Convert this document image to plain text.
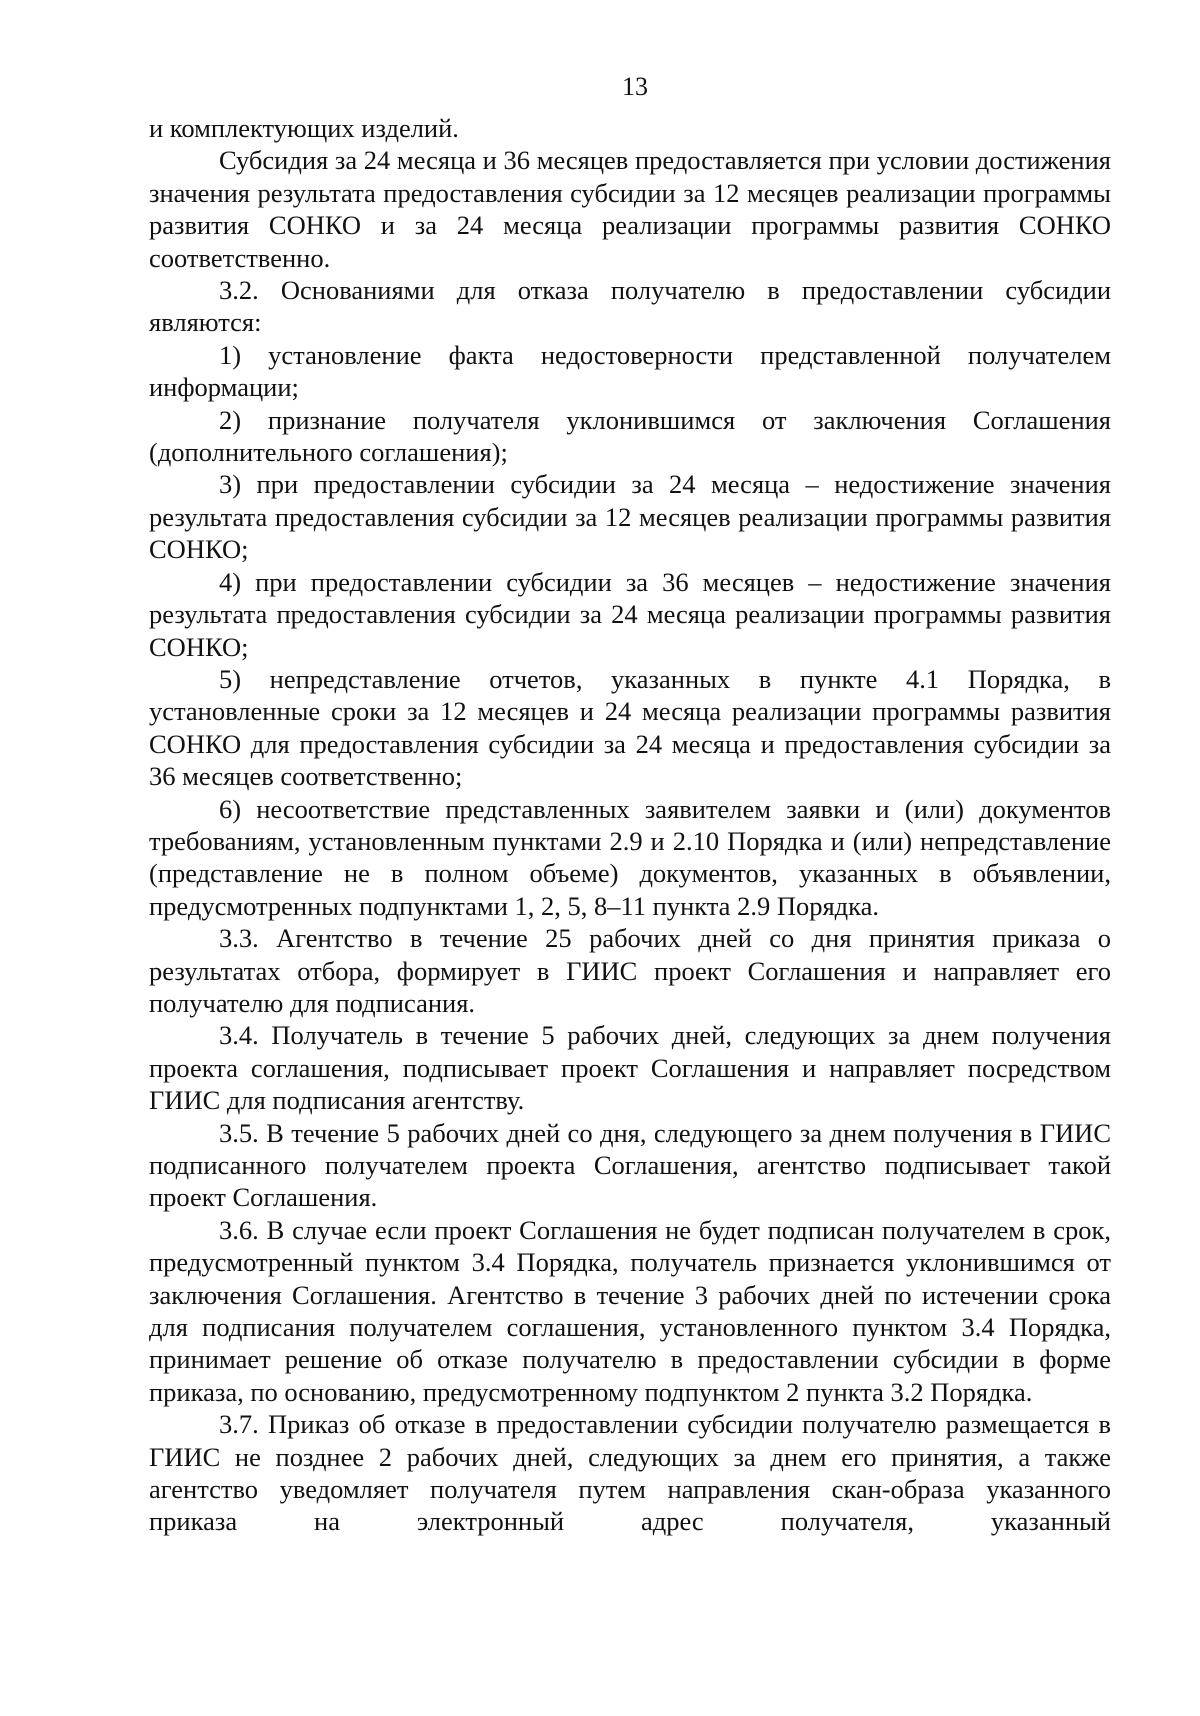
13

и комплектующих изделий.

Субсидия за 24 месяца и 36 месяцев предоставляется при условии достижения значения результата предоставления субсидии за 12 месяцев реализации программы развития СОНКО и за 24 месяца реализации программы развития СОНКО соответственно.

3.2. Основаниями для отказа получателю в предоставлении субсидии являются:

1) установление факта недостоверности представленной получателем информации;

2) признание получателя уклонившимся от заключения Соглашения (дополнительного соглашения);

3) при предоставлении субсидии за 24 месяца – недостижение значения результата предоставления субсидии за 12 месяцев реализации программы развития СОНКО;

4) при предоставлении субсидии за 36 месяцев – недостижение значения результата предоставления субсидии за 24 месяца реализации программы развития СОНКО;

5) непредставление отчетов, указанных в пункте 4.1 Порядка, в установленные сроки за 12 месяцев и 24 месяца реализации программы развития СОНКО для предоставления субсидии за 24 месяца и предоставления субсидии за 36 месяцев соответственно;

6) несоответствие представленных заявителем заявки и (или) документов требованиям, установленным пунктами 2.9 и 2.10 Порядка и (или) непредставление (представление не в полном объеме) документов, указанных в объявлении, предусмотренных подпунктами 1, 2, 5, 8–11 пункта 2.9 Порядка.

3.3. Агентство в течение 25 рабочих дней со дня принятия приказа о результатах отбора, формирует в ГИИС проект Соглашения и направляет его получателю для подписания.

3.4. Получатель в течение 5 рабочих дней, следующих за днем получения проекта соглашения, подписывает проект Соглашения и направляет посредством ГИИС для подписания агентству.

3.5. В течение 5 рабочих дней со дня, следующего за днем получения в ГИИС подписанного получателем проекта Соглашения, агентство подписывает такой проект Соглашения.

3.6. В случае если проект Соглашения не будет подписан получателем в срок, предусмотренный пунктом 3.4 Порядка, получатель признается уклонившимся от заключения Соглашения. Агентство в течение 3 рабочих дней по истечении срока для подписания получателем соглашения, установленного пунктом 3.4 Порядка, принимает решение об отказе получателю в предоставлении субсидии в форме приказа, по основанию, предусмотренному подпунктом 2 пункта 3.2 Порядка.

3.7. Приказ об отказе в предоставлении субсидии получателю размещается в ГИИС не позднее 2 рабочих дней, следующих за днем его принятия, а также агентство уведомляет получателя путем направления скан-образа указанного приказа на электронный адрес получателя, указанный
